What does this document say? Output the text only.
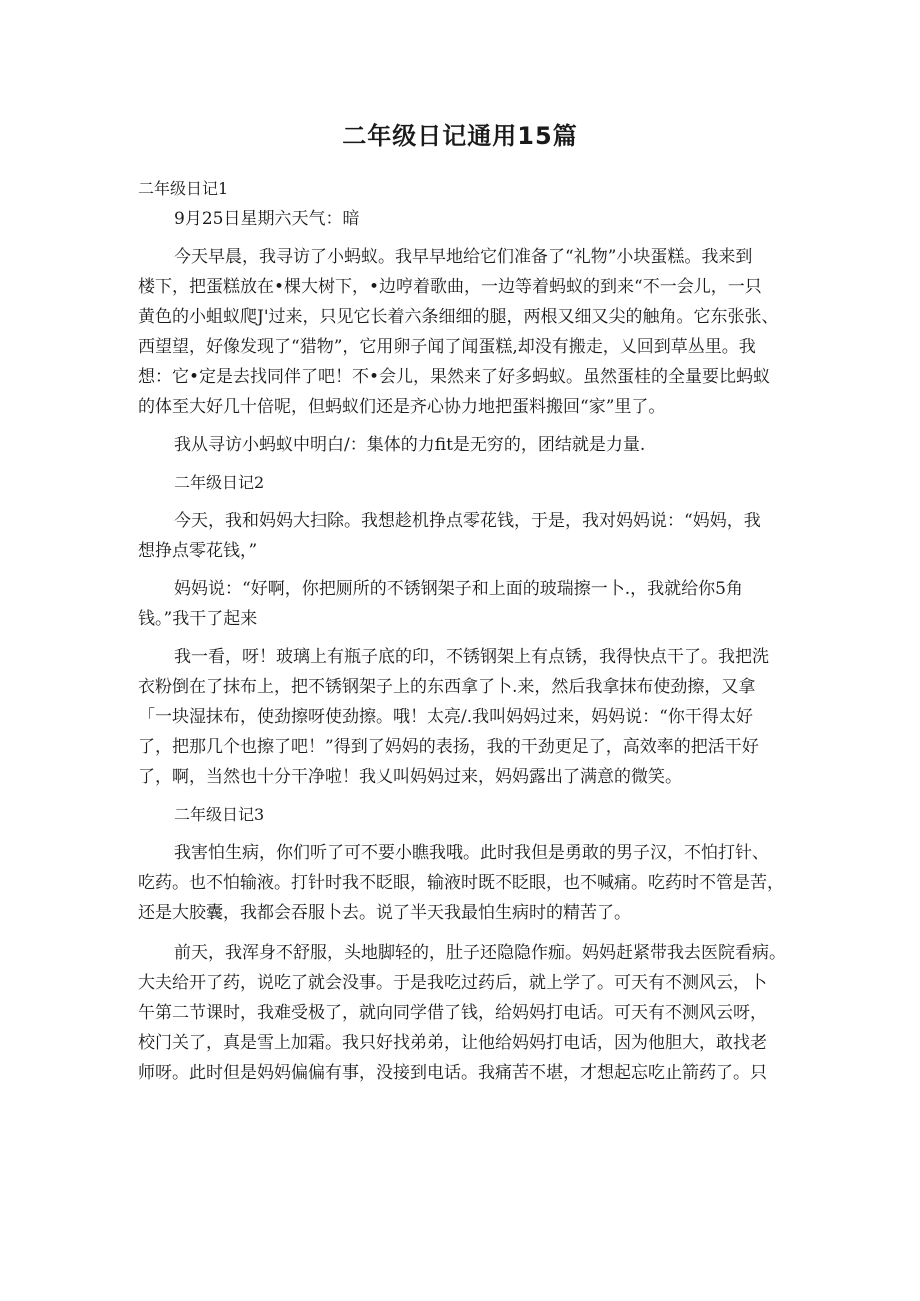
二年级日记通用15篇
二年级日记1
9月25日星期六天气：暗
今天早晨，我寻访了小蚂蚁。我早早地给它们准备了“礼物”小块蛋糕。我来到
楼下，把蛋糕放在•棵大树下，•边哼着歌曲，一边等着蚂蚁的到来“不一会儿，一只
黄色的小蛆蚁爬J'过来，只见它长着六条细细的腿，两根又细又尖的触角。它东张张、
西望望，好像发现了“猎物”，它用卵子闻了闻蛋糕,却没有搬走，乂回到草丛里。我
想：它•定是去找同伴了吧！不•会儿，果然来了好多蚂蚁。虽然蛋桂的全量要比蚂蚁
的体至大好几十倍呢，但蚂蚁们还是齐心协力地把蛋料搬回“家”里了。
我从寻访小蚂蚁中明白/：集体的力fit是无穷的，团结就是力量.
二年级日记2
今天，我和妈妈大扫除。我想趁机挣点零花钱，于是，我对妈妈说：“妈妈，我
想挣点零花钱，”
妈妈说：“好啊，你把厕所的不锈钢架子和上面的玻瑞擦一卜.，我就给你5角
钱。”我干了起来
我一看，呀！玻璃上有瓶子底的印，不锈钢架上有点锈，我得快点干了。我把洗
衣粉倒在了抹布上，把不锈钢架子上的东西拿了卜.来，然后我拿抹布使劲擦，又拿
「一块湿抹布，使劲擦呀使劲擦。哦！太亮/.我叫妈妈过来，妈妈说：“你干得太好
了，把那几个也擦了吧！”得到了妈妈的表扬，我的干劲更足了，高效率的把活干好
了，啊，当然也十分干净啦！我乂叫妈妈过来，妈妈露出了满意的微笑。
二年级日记3
我害怕生病，你们听了可不要小瞧我哦。此时我但是勇敢的男子汉，不怕打针、
吃药。也不怕输液。打针时我不眨眼，输液时既不眨眼，也不喊痛。吃药时不管是苦，
还是大胶囊，我都会吞服卜去。说了半天我最怕生病时的精苦了。
前天，我浑身不舒服，头地脚轻的，肚子还隐隐作痂。妈妈赶紧带我去医院看病。
大夫给开了药，说吃了就会没事。于是我吃过药后，就上学了。可天有不测风云，卜
午第二节课时，我难受极了，就向同学借了钱，给妈妈打电话。可天有不测风云呀，
校门关了，真是雪上加霜。我只好找弟弟，让他给妈妈打电话，因为他胆大，敢找老
师呀。此时但是妈妈偏偏有事，没接到电话。我痛苦不堪，才想起忘吃止箭药了。只
